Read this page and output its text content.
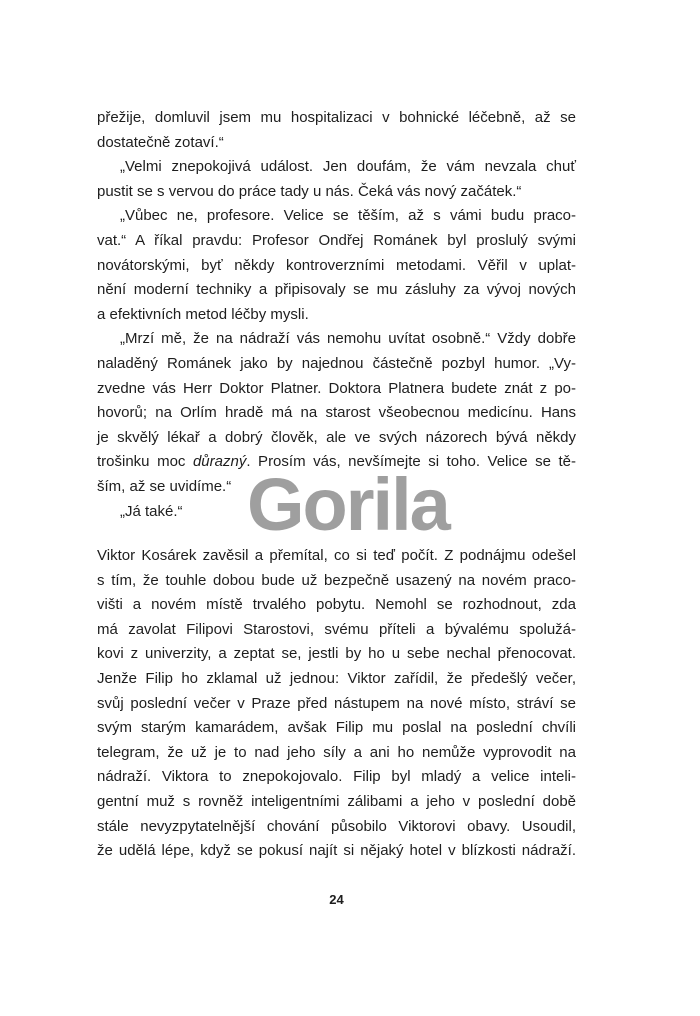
přežije, domluvil jsem mu hospitalizaci v bohnické léčebně, až se
dostatečně zotaví.“
„Velmi znepokojivá událost. Jen doufám, že vám nevzala chuť
pustit se s vervou do práce tady u nás. Čeká vás nový začátek.“
„Vůbec ne, profesore. Velice se těším, až s vámi budu praco-
vat.“ A říkal pravdu: Profesor Ondřej Románek byl proslulý svými
novátorskými, byť někdy kontroverzními metodami. Věřil v uplat-
nění moderní techniky a připisovaly se mu zásluhy za vývoj nových
a efektivních metod léčby mysli.
„Mrzí mě, že na nádraží vás nemohu uvítat osobně.“ Vždy dobře
naladěný Románek jako by najednou částečně pozbyl humor. „Vy-
zvedne vás Herr Doktor Platner. Doktora Platnera budete znát z po-
hovorů; na Orlím hradě má na starost všeobecnou medicínu. Hans
je skvělý lékař a dobrý člověk, ale ve svých názorech bývá někdy
trošinku moc důrazný. Prosím vás, nevšímejte si toho. Velice se tě-
ším, až se uvidíme.“
„Já také.“
Viktor Kosárek zavěsil a přemítal, co si teď počít. Z podnájmu odešel
s tím, že touhle dobou bude už bezpečně usazený na novém praco-
višti a novém místě trvalého pobytu. Nemohl se rozhodnout, zda
má zavolat Filipovi Starostovi, svému příteli a bývalému spolužá-
kovi z univerzity, a zeptat se, jestli by ho u sebe nechal přenocovat.
Jenže Filip ho zklamal už jednou: Viktor zařídil, že předešlý večer,
svůj poslední večer v Praze před nástupem na nové místo, stráví se
svým starým kamarádem, avšak Filip mu poslal na poslední chvíli
telegram, že už je to nad jeho síly a ani ho nemůže vyprovodit na
nádraží. Viktora to znepokojovalo. Filip byl mladý a velice inteli-
gentní muž s rovněž inteligentními zálibami a jeho v poslední době
stále nevyzpytatelnější chování působilo Viktorovi obavy. Usoudil,
že udělá lépe, když se pokusí najít si nějaký hotel v blízkosti nádraží.
Gorila
24
